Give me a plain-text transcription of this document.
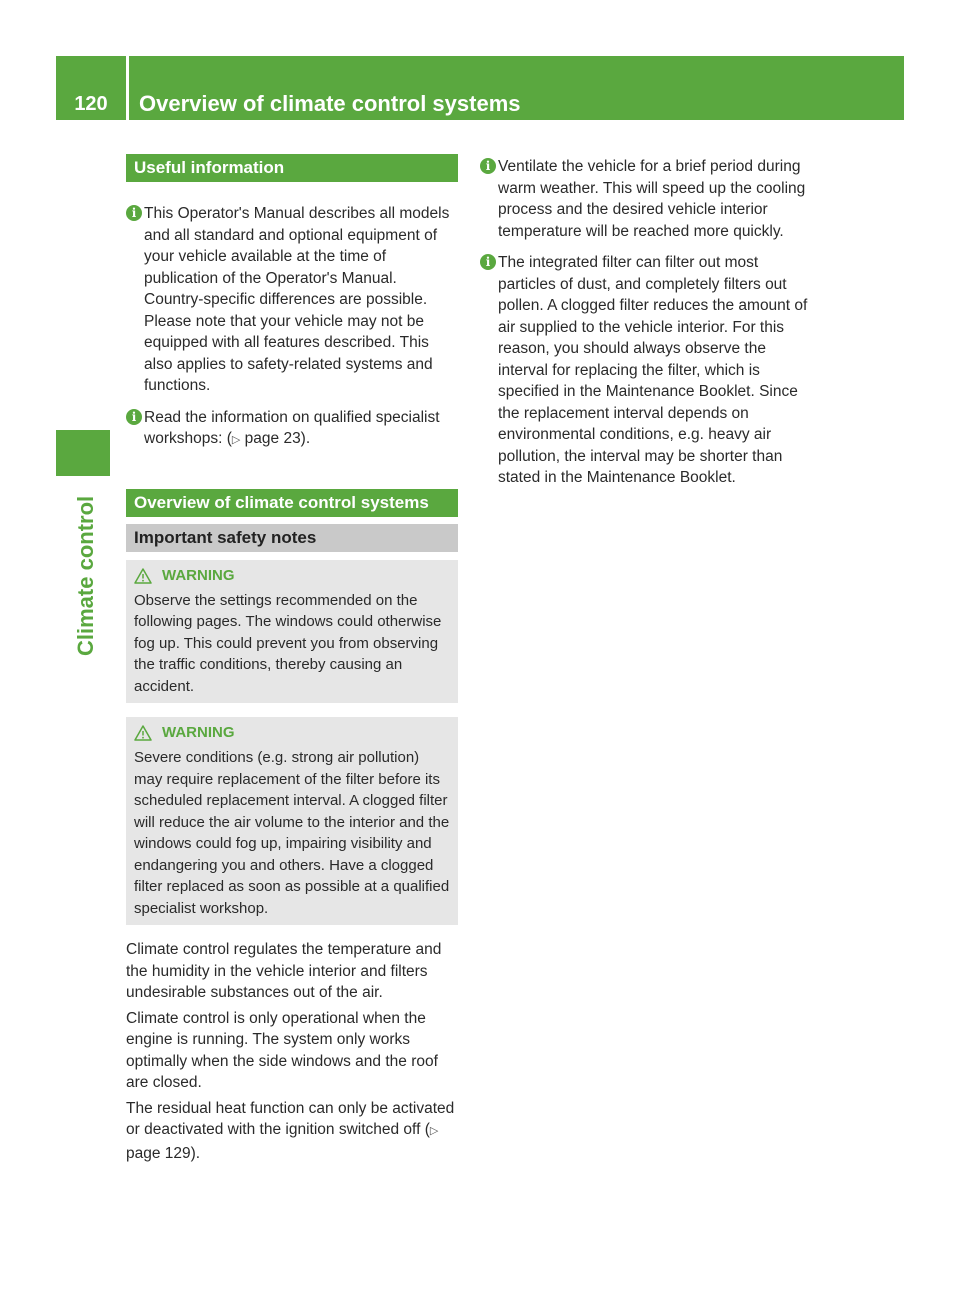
120	Overview of climate control systems
Climate control
Useful information

i This Operator's Manual describes all models and all standard and optional equipment of your vehicle available at the time of publication of the Operator's Manual. Country-specific differences are possible. Please note that your vehicle may not be equipped with all features described. This also applies to safety-related systems and functions.

i Read the information on qualified specialist workshops: (▷ page 23).

Overview of climate control systems
Important safety notes
WARNING
Observe the settings recommended on the following pages. The windows could otherwise fog up. This could prevent you from observing the traffic conditions, thereby causing an accident.
WARNING
Severe conditions (e.g. strong air pollution) may require replacement of the filter before its scheduled replacement interval. A clogged filter will reduce the air volume to the interior and the windows could fog up, impairing visibility and endangering you and others. Have a clogged filter replaced as soon as possible at a qualified specialist workshop.

Climate control regulates the temperature and the humidity in the vehicle interior and filters undesirable substances out of the air.

Climate control is only operational when the engine is running. The system only works optimally when the side windows and the roof are closed.

The residual heat function can only be activated or deactivated with the ignition switched off (▷ page 129).

i Ventilate the vehicle for a brief period during warm weather. This will speed up the cooling process and the desired vehicle interior temperature will be reached more quickly.

i The integrated filter can filter out most particles of dust, and completely filters out pollen. A clogged filter reduces the amount of air supplied to the vehicle interior. For this reason, you should always observe the interval for replacing the filter, which is specified in the Maintenance Booklet. Since the replacement interval depends on environmental conditions, e.g. heavy air pollution, the interval may be shorter than stated in the Maintenance Booklet.
